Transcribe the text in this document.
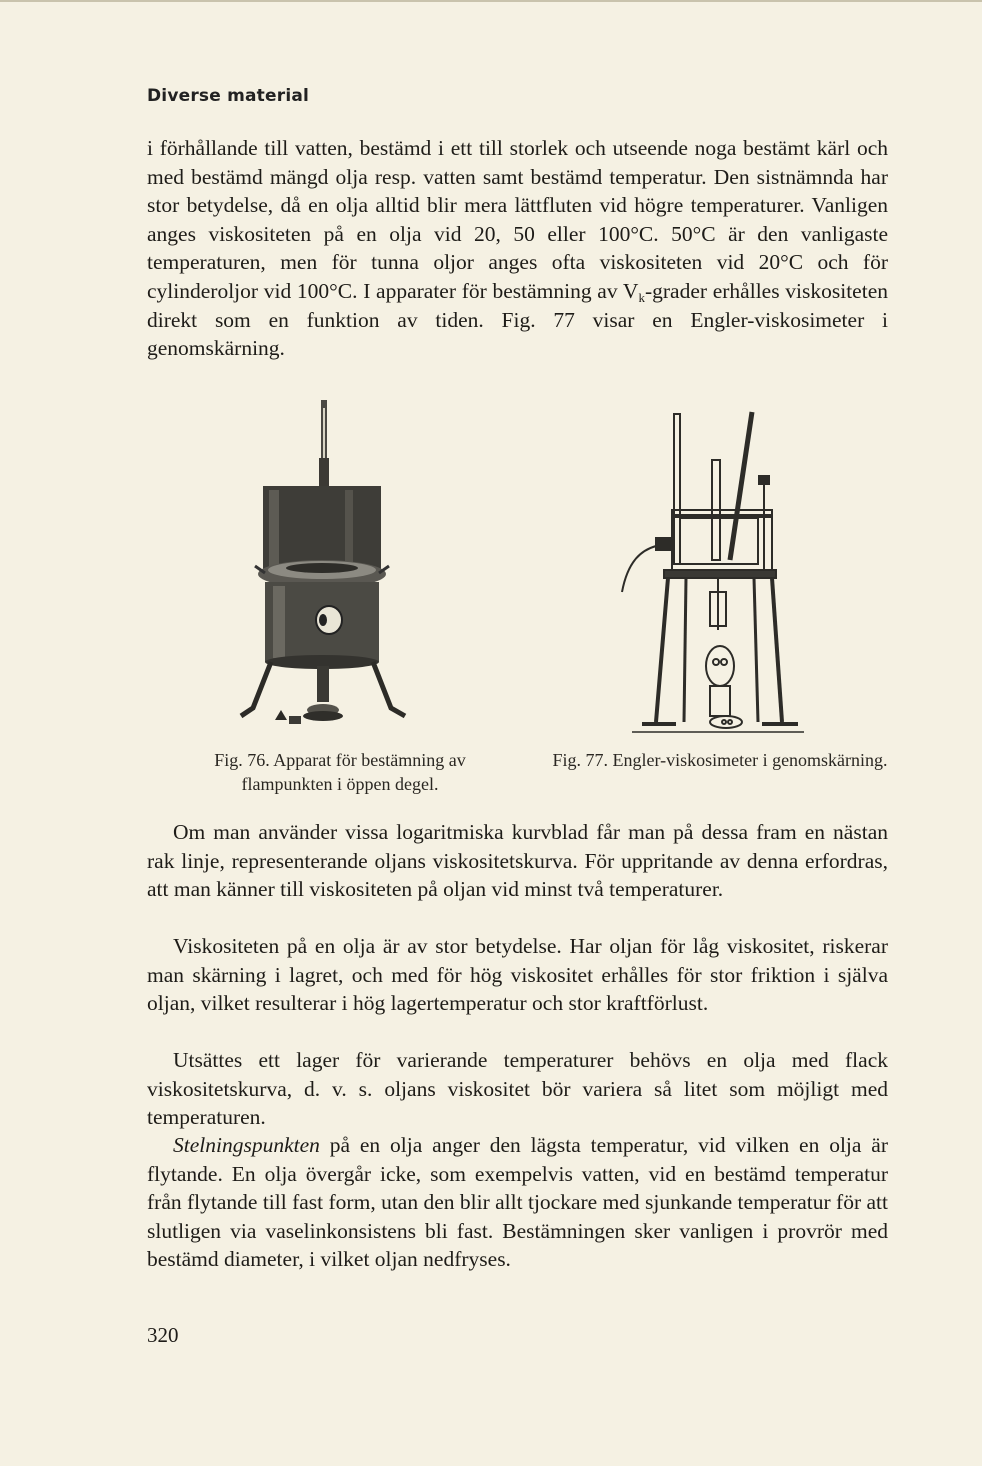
Diverse material

i förhållande till vatten, bestämd i ett till storlek och utseende noga bestämt kärl och med bestämd mängd olja resp. vatten samt bestämd temperatur. Den sistnämnda har stor betydelse, då en olja alltid blir mera lättfluten vid högre temperaturer. Vanligen anges viskositeten på en olja vid 20, 50 eller 100°C. 50°C är den vanligaste temperaturen, men för tunna oljor anges ofta viskositeten vid 20°C och för cylinderoljor vid 100°C. I apparater för bestämning av $V_k$-grader erhålles viskositeten direkt som en funktion av tiden. Fig. 77 visar en Engler-viskosimeter i genomskärning.

Fig. 76. Apparat för bestämning av flampunkten i öppen degel.
Fig. 77. Engler-viskosimeter i genomskärning.

Om man använder vissa logaritmiska kurvblad får man på dessa fram en nästan rak linje, representerande oljans viskositetskurva. För uppritande av denna erfordras, att man känner till viskositeten på oljan vid minst två temperaturer.

Viskositeten på en olja är av stor betydelse. Har oljan för låg viskositet, riskerar man skärning i lagret, och med för hög viskositet erhålles för stor friktion i själva oljan, vilket resulterar i hög lagertemperatur och stor kraftförlust.

Utsättes ett lager för varierande temperaturer behövs en olja med flack viskositetskurva, d. v. s. oljans viskositet bör variera så litet som möjligt med temperaturen.

Stelningspunkten på en olja anger den lägsta temperatur, vid vilken en olja är flytande. En olja övergår icke, som exempelvis vatten, vid en bestämd temperatur från flytande till fast form, utan den blir allt tjockare med sjunkande temperatur för att slutligen via vaselinkonsistens bli fast. Bestämningen sker vanligen i provrör med bestämd diameter, i vilket oljan nedfryses.

320
